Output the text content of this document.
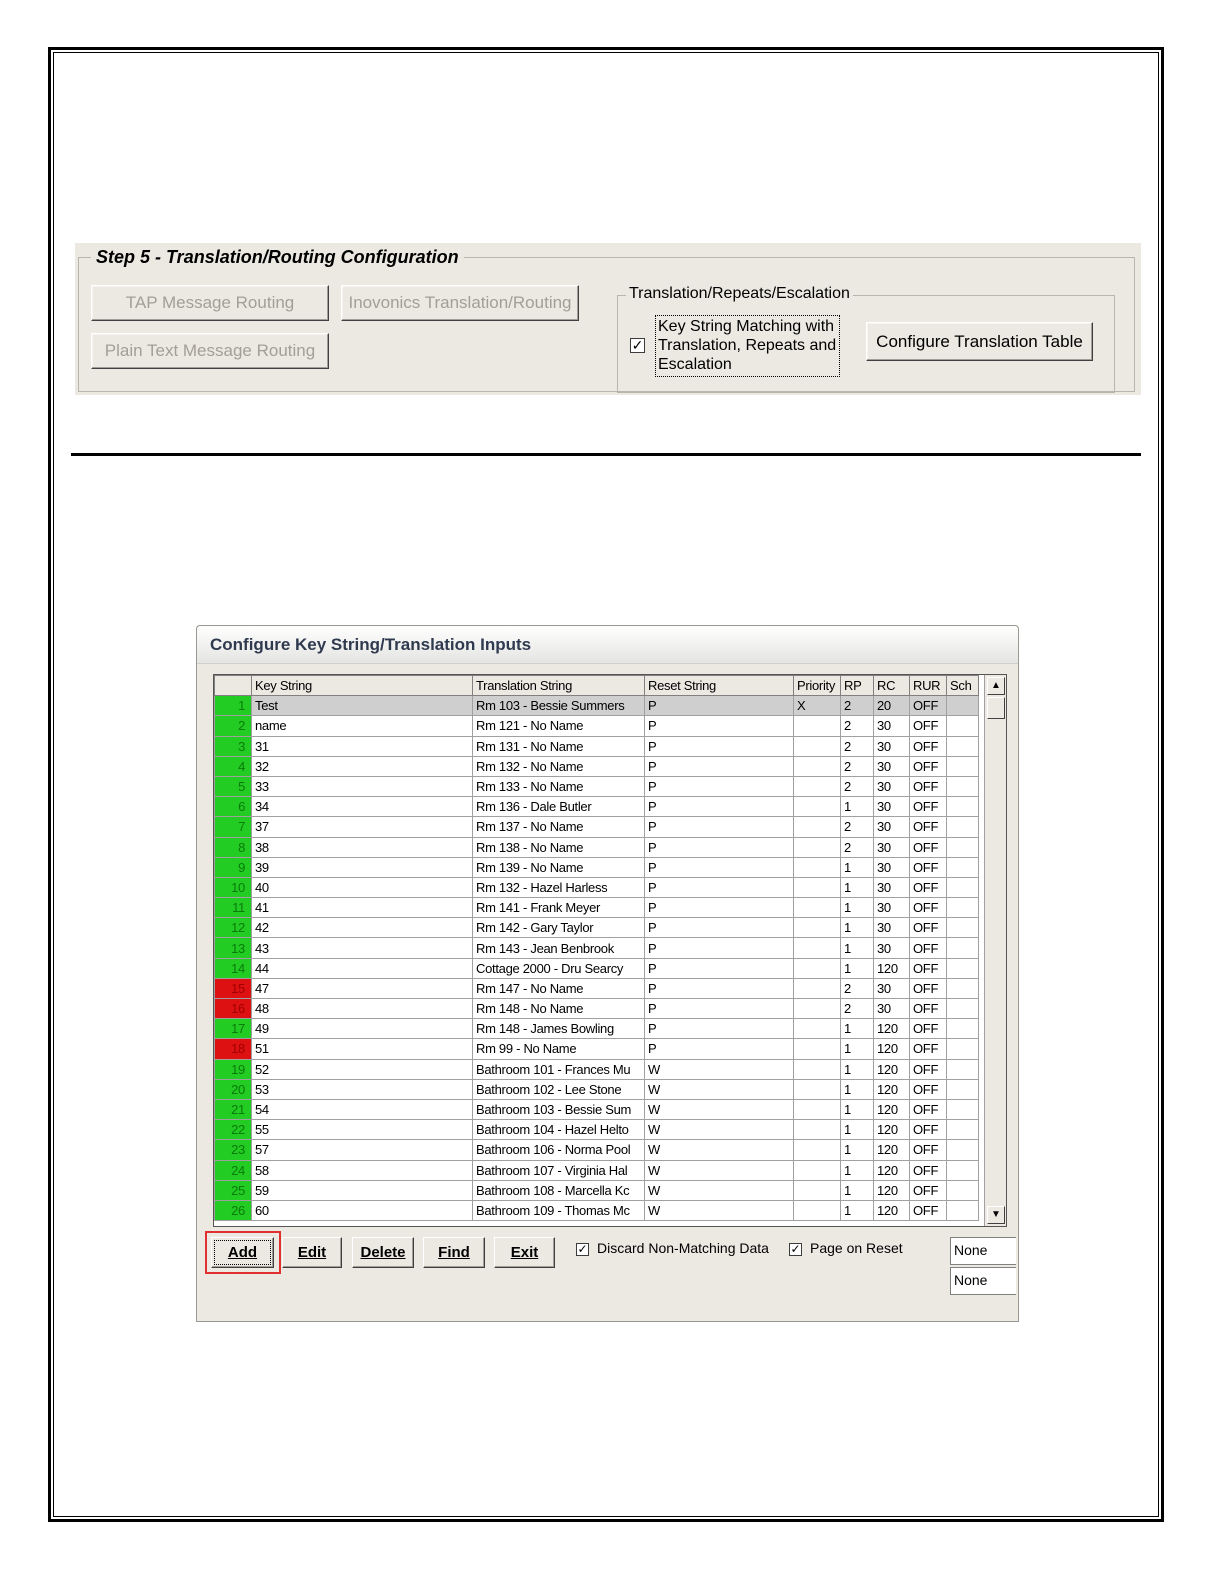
Step 5 - Translation/Routing Configuration
TAP Message Routing	Inovonics Translation/Routing
Plain Text Message Routing
Translation/Repeats/Escalation
✓
Key String Matching with
Translation, Repeats and
Escalation
Configure Translation Table
Configure Key String/Translation Inputs
	Key String	Translation String	Reset String	Priority	RP	RC	RUR	Sch
1	Test	Rm 103 - Bessie Summers	P	X	2	20	OFF	
2	name	Rm 121 - No Name	P		2	30	OFF	
3	31	Rm 131 - No Name	P		2	30	OFF	
4	32	Rm 132 - No Name	P		2	30	OFF	
5	33	Rm 133 - No Name	P		2	30	OFF	
6	34	Rm 136 - Dale Butler	P		1	30	OFF	
7	37	Rm 137 - No Name	P		2	30	OFF	
8	38	Rm 138 - No Name	P		2	30	OFF	
9	39	Rm 139 - No Name	P		1	30	OFF	
10	40	Rm 132 - Hazel Harless	P		1	30	OFF	
11	41	Rm 141 - Frank Meyer	P		1	30	OFF	
12	42	Rm 142 - Gary Taylor	P		1	30	OFF	
13	43	Rm 143 - Jean Benbrook	P		1	30	OFF	
14	44	Cottage 2000 - Dru Searcy	P		1	120	OFF	
15	47	Rm 147 - No Name	P		2	30	OFF	
16	48	Rm 148 - No Name	P		2	30	OFF	
17	49	Rm 148 - James Bowling	P		1	120	OFF	
18	51	Rm 99 - No Name	P		1	120	OFF	
19	52	Bathroom 101 - Frances Mu	W		1	120	OFF	
20	53	Bathroom 102 - Lee Stone	W		1	120	OFF	
21	54	Bathroom 103 - Bessie Sum	W		1	120	OFF	
22	55	Bathroom 104 - Hazel Helto	W		1	120	OFF	
23	57	Bathroom 106 - Norma Pool	W		1	120	OFF	
24	58	Bathroom 107 - Virginia Hal	W		1	120	OFF	
25	59	Bathroom 108 - Marcella Kc	W		1	120	OFF	
26	60	Bathroom 109 - Thomas Mc	W		1	120	OFF	
▲
▼
Add	Edit Delete Find	Exit	✓ Discard Non-Matching Data ✓ Page on Reset	None
None
